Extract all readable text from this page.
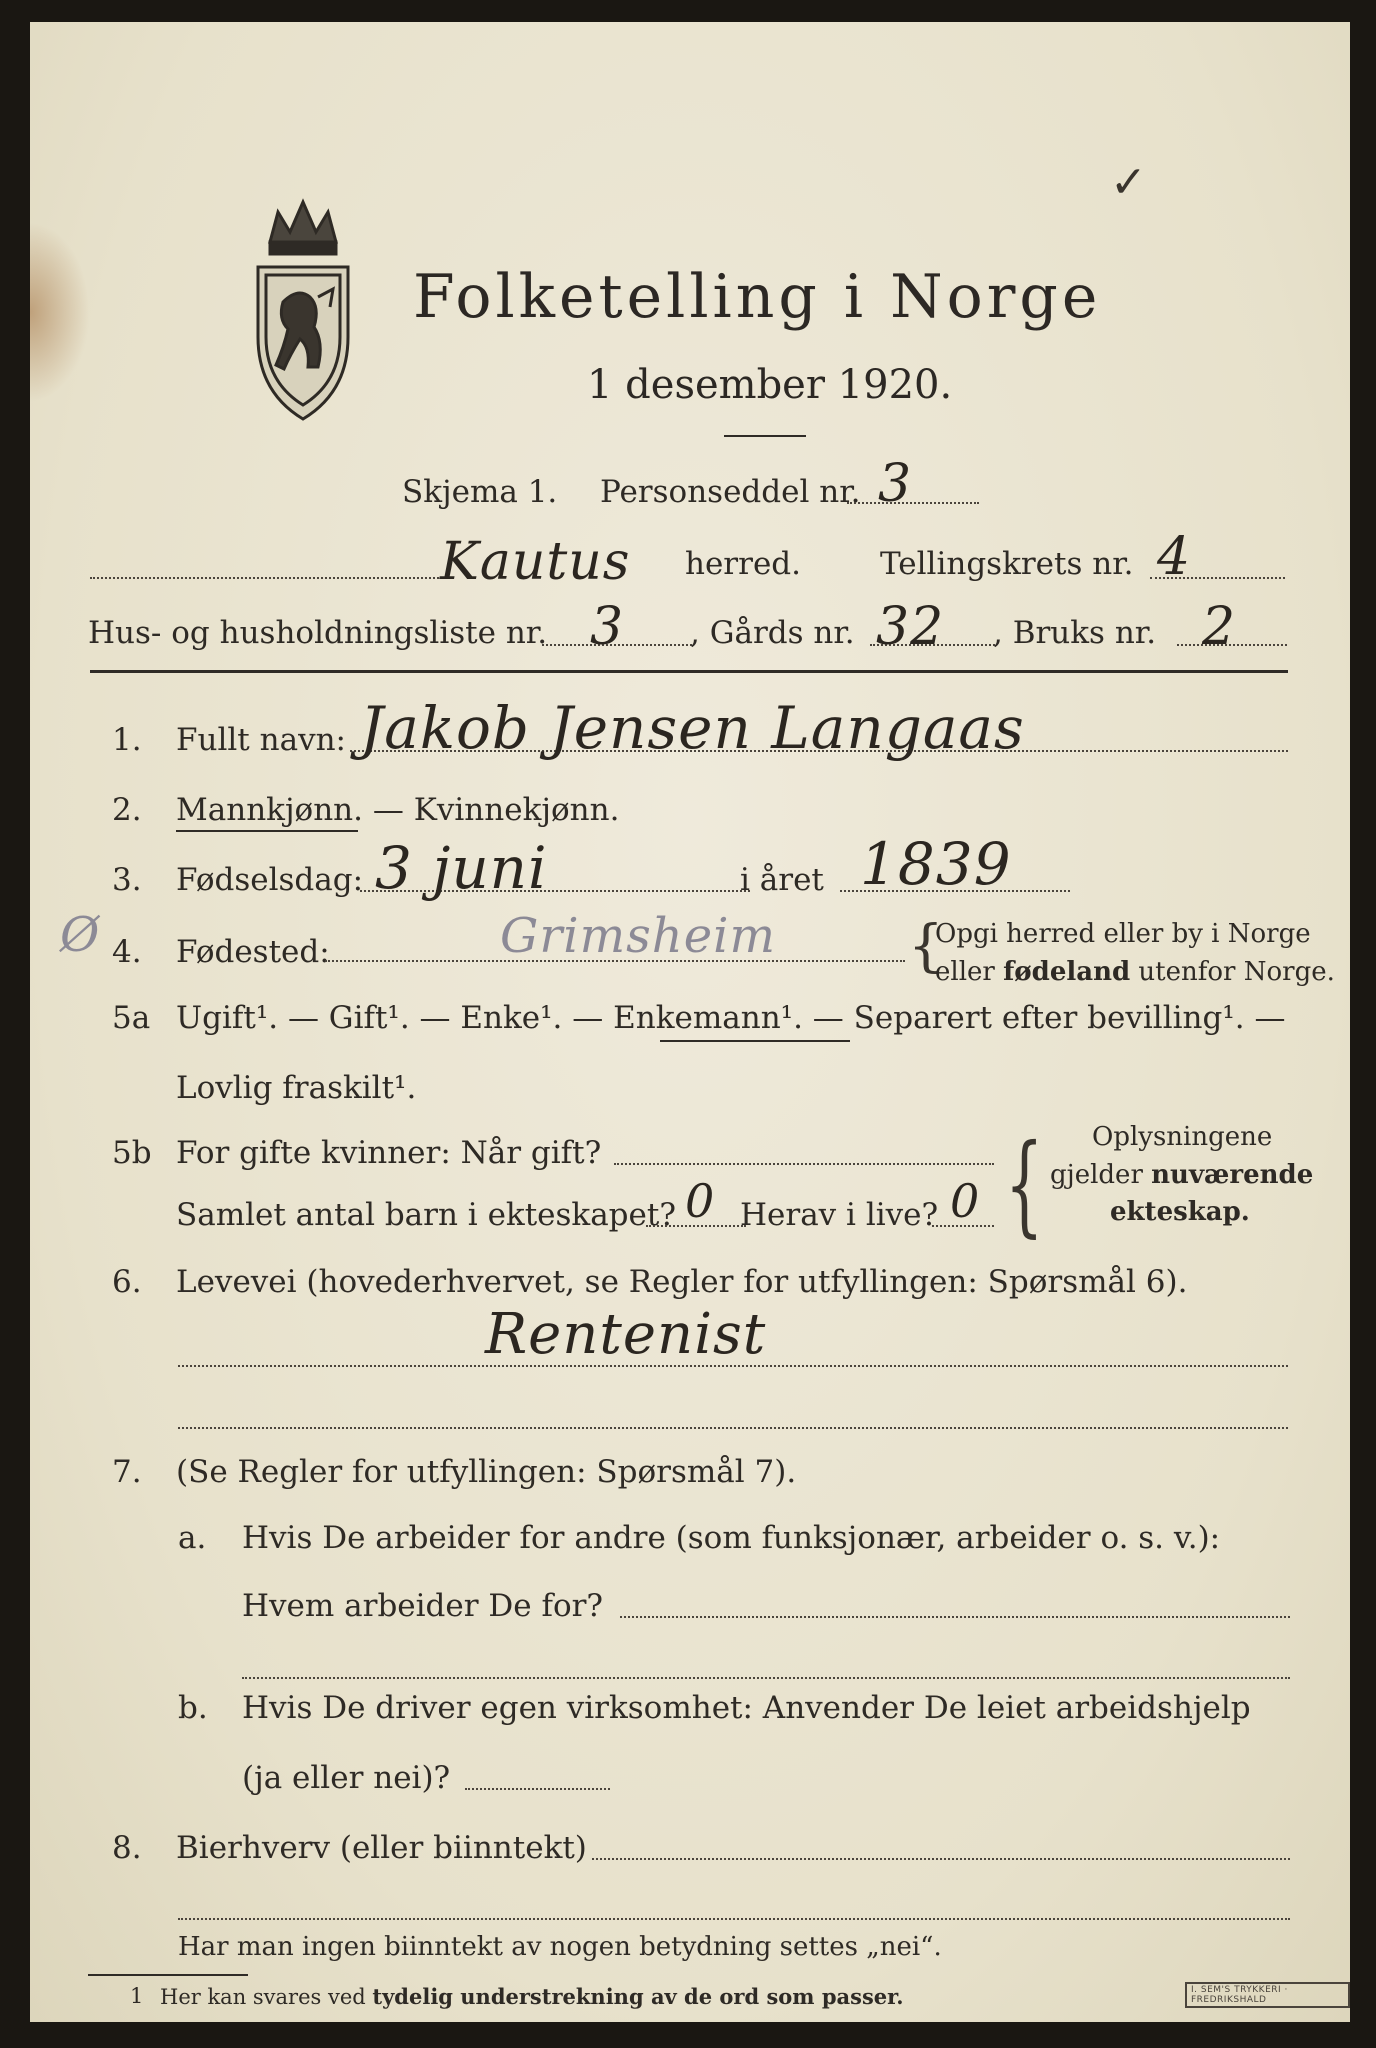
Folketelling i Norge
1 desember 1920.
✓
Skjema 1. Personseddel nr. 3
Kautus herred.	Tellingskrets nr. 4
Hus- og husholdningsliste nr. 3 , Gårds nr. 32 , Bruks nr. 2
1. Fullt navn: Jakob Jensen Langaas
2. Mannkjønn. — Kvinnekjønn.
3. Fødselsdag: 3 juni	i året 1839
Ø 4. Fødested:	Grimsheim {
Opgi herred eller by i Norge
eller fødeland utenfor Norge.
5a Ugift¹. — Gift¹. — Enke¹. — Enkemann¹. — Separert efter bevilling¹. —
Lovlig fraskilt¹.
5b For gifte kvinner: Når gift?
Samlet antal barn i ekteskapet? 0 Herav i live? 0 { Oplysningene
gjelder nuværende
ekteskap.
6. Levevei (hovederhvervet, se Regler for utfyllingen: Spørsmål 6).
Rentenist
7. (Se Regler for utfyllingen: Spørsmål 7).
a. Hvis De arbeider for andre (som funksjonær, arbeider o. s. v.):
Hvem arbeider De for?
b. Hvis De driver egen virksomhet: Anvender De leiet arbeidshjelp
(ja eller nei)?
8. Bierhverv (eller biinntekt)
Har man ingen biinntekt av nogen betydning settes „nei“.
1 Her kan svares ved tydelig understrekning av de ord som passer.	I. SEM'S TRYKKERI · FREDRIKSHALD
